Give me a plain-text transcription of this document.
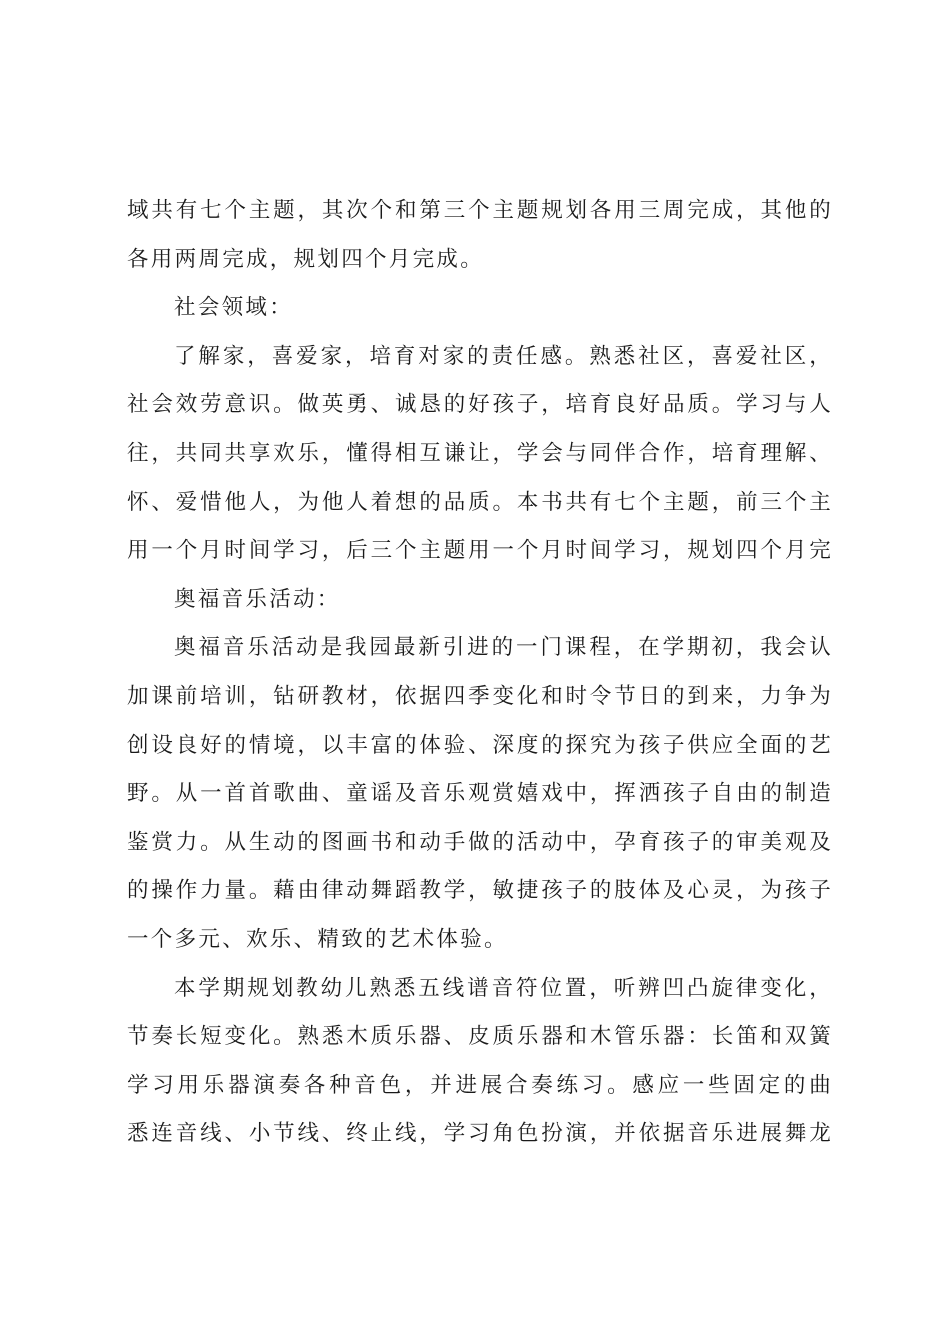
域共有七个主题，其次个和第三个主题规划各用三周完成，其他的
各用两周完成，规划四个月完成。
社会领域：
了解家，喜爱家，培育对家的责任感。熟悉社区，喜爱社区，
社会效劳意识。做英勇、诚恳的好孩子，培育良好品质。学习与人
往，共同共享欢乐，懂得相互谦让，学会与同伴合作，培育理解、
怀、爱惜他人，为他人着想的品质。本书共有七个主题，前三个主
用一个月时间学习，后三个主题用一个月时间学习，规划四个月完
奥福音乐活动：
奥福音乐活动是我园最新引进的一门课程，在学期初，我会认
加课前培训，钻研教材，依据四季变化和时令节日的到来，力争为
创设良好的情境，以丰富的体验、深度的探究为孩子供应全面的艺
野。从一首首歌曲、童谣及音乐观赏嬉戏中，挥洒孩子自由的制造
鉴赏力。从生动的图画书和动手做的活动中，孕育孩子的审美观及
的操作力量。藉由律动舞蹈教学，敏捷孩子的肢体及心灵，为孩子
一个多元、欢乐、精致的艺术体验。
本学期规划教幼儿熟悉五线谱音符位置，听辨凹凸旋律变化，
节奏长短变化。熟悉木质乐器、皮质乐器和木管乐器：长笛和双簧
学习用乐器演奏各种音色，并进展合奏练习。感应一些固定的曲
悉连音线、小节线、终止线，学习角色扮演，并依据音乐进展舞龙
